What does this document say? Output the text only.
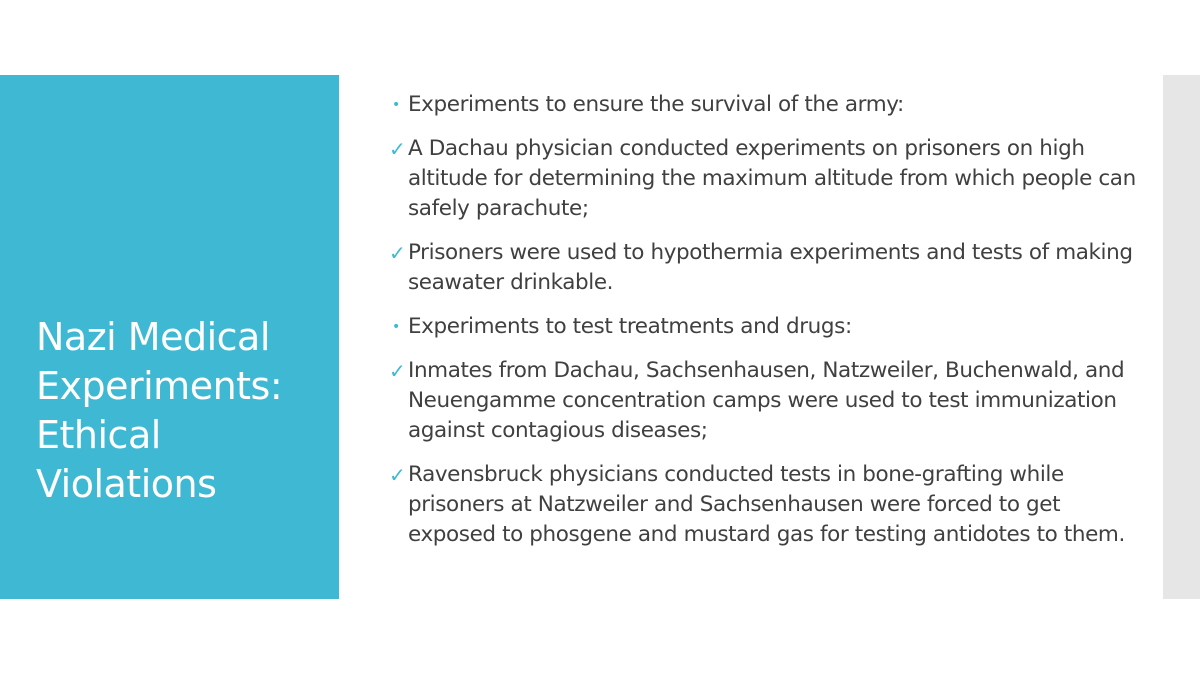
Nazi Medical Experiments: Ethical Violations
• Experiments to ensure the survival of the army:
✓ A Dachau physician conducted experiments on prisoners on high altitude for determining the maximum altitude from which people can safely parachute;
✓ Prisoners were used to hypothermia experiments and tests of making seawater drinkable.
• Experiments to test treatments and drugs:
✓ Inmates from Dachau, Sachsenhausen, Natzweiler, Buchenwald, and Neuengamme concentration camps were used to test immunization against contagious diseases;
✓ Ravensbruck physicians conducted tests in bone-grafting while prisoners at Natzweiler and Sachsenhausen were forced to get exposed to phosgene and mustard gas for testing antidotes to them.
